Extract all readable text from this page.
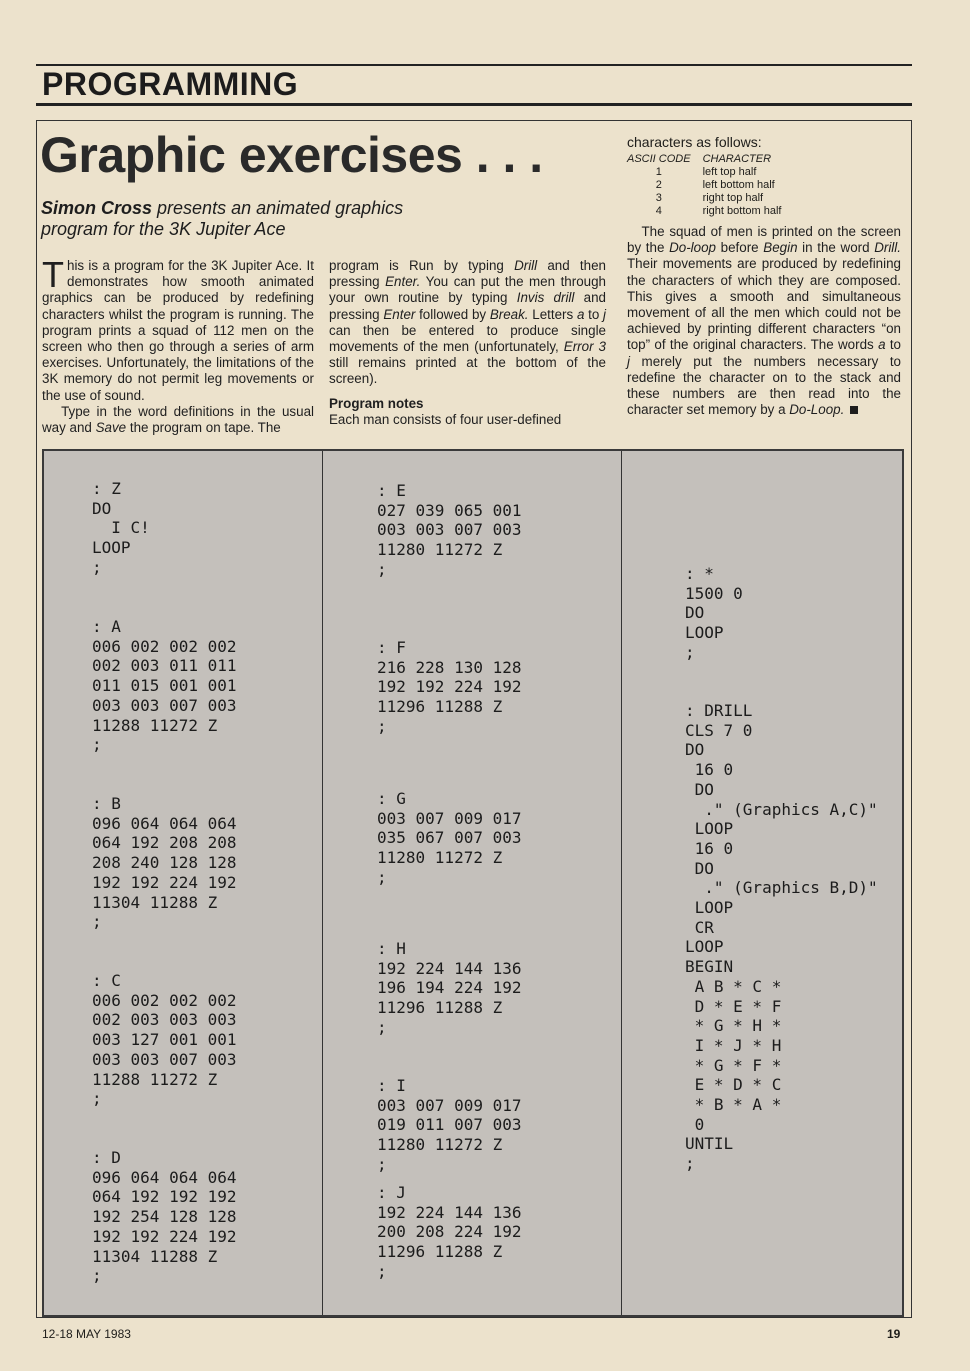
PROGRAMMING
Graphic exercises . . .
Simon Cross presents an animated graphics program for the 3K Jupiter Ace
This is a program for the 3K Jupiter Ace. It demonstrates how smooth animated graphics can be produced by redefining characters whilst the program is running. The program prints a squad of 112 men on the screen who then go through a series of arm exercises. Unfortunately, the limitations of the 3K memory do not permit leg movements or the use of sound.
Type in the word definitions in the usual way and Save the program on tape. The
program is Run by typing Drill and then pressing Enter. You can put the men through your own routine by typing Invis drill and pressing Enter followed by Break. Letters a to j can then be entered to produce single movements of the men (unfortunately, Error 3 still remains printed at the bottom of the screen).
Program notes
Each man consists of four user-defined
characters as follows:
ASCII CODE	CHARACTER
1	left top half
2	left bottom half
3	right top half
4	right bottom half
The squad of men is printed on the screen by the Do-loop before Begin in the word Drill. Their movements are produced by redefining the characters of which they are composed. This gives a smooth and simultaneous movement of all the men which could not be achieved by printing different characters “on top” of the original characters. The words a to j merely put the numbers necessary to redefine the character on to the stack and these numbers are then read into the character set memory by a Do-Loop.
: Z
DO
I C!
LOOP
;
: A
006 002 002 002
002 003 011 011
011 015 001 001
003 003 007 003
11288 11272 Z
;
: B
096 064 064 064
064 192 208 208
208 240 128 128
192 192 224 192
11304 11288 Z
;
: C
006 002 002 002
002 003 003 003
003 127 001 001
003 003 007 003
11288 11272 Z
;
: D
096 064 064 064
064 192 192 192
192 254 128 128
192 192 224 192
11304 11288 Z
;
: E
027 039 065 001
003 003 007 003
11280 11272 Z
;
: F
216 228 130 128
192 192 224 192
11296 11288 Z
;
: G
003 007 009 017
035 067 007 003
11280 11272 Z
;
: H
192 224 144 136
196 194 224 192
11296 11288 Z
;
: I
003 007 009 017
019 011 007 003
11280 11272 Z
;
: J
192 224 144 136
200 208 224 192
11296 11288 Z
;
: *
1500 0
DO
LOOP
;
: DRILL
CLS 7 0
DO
16 0
DO
." (Graphics A,C)"
LOOP
16 0
DO
." (Graphics B,D)"
LOOP
CR
LOOP
BEGIN
A B * C *
D * E * F
* G * H *
I * J * H
* G * F *
E * D * C
* B * A *
0
UNTIL
;
12-18 MAY 1983	19
